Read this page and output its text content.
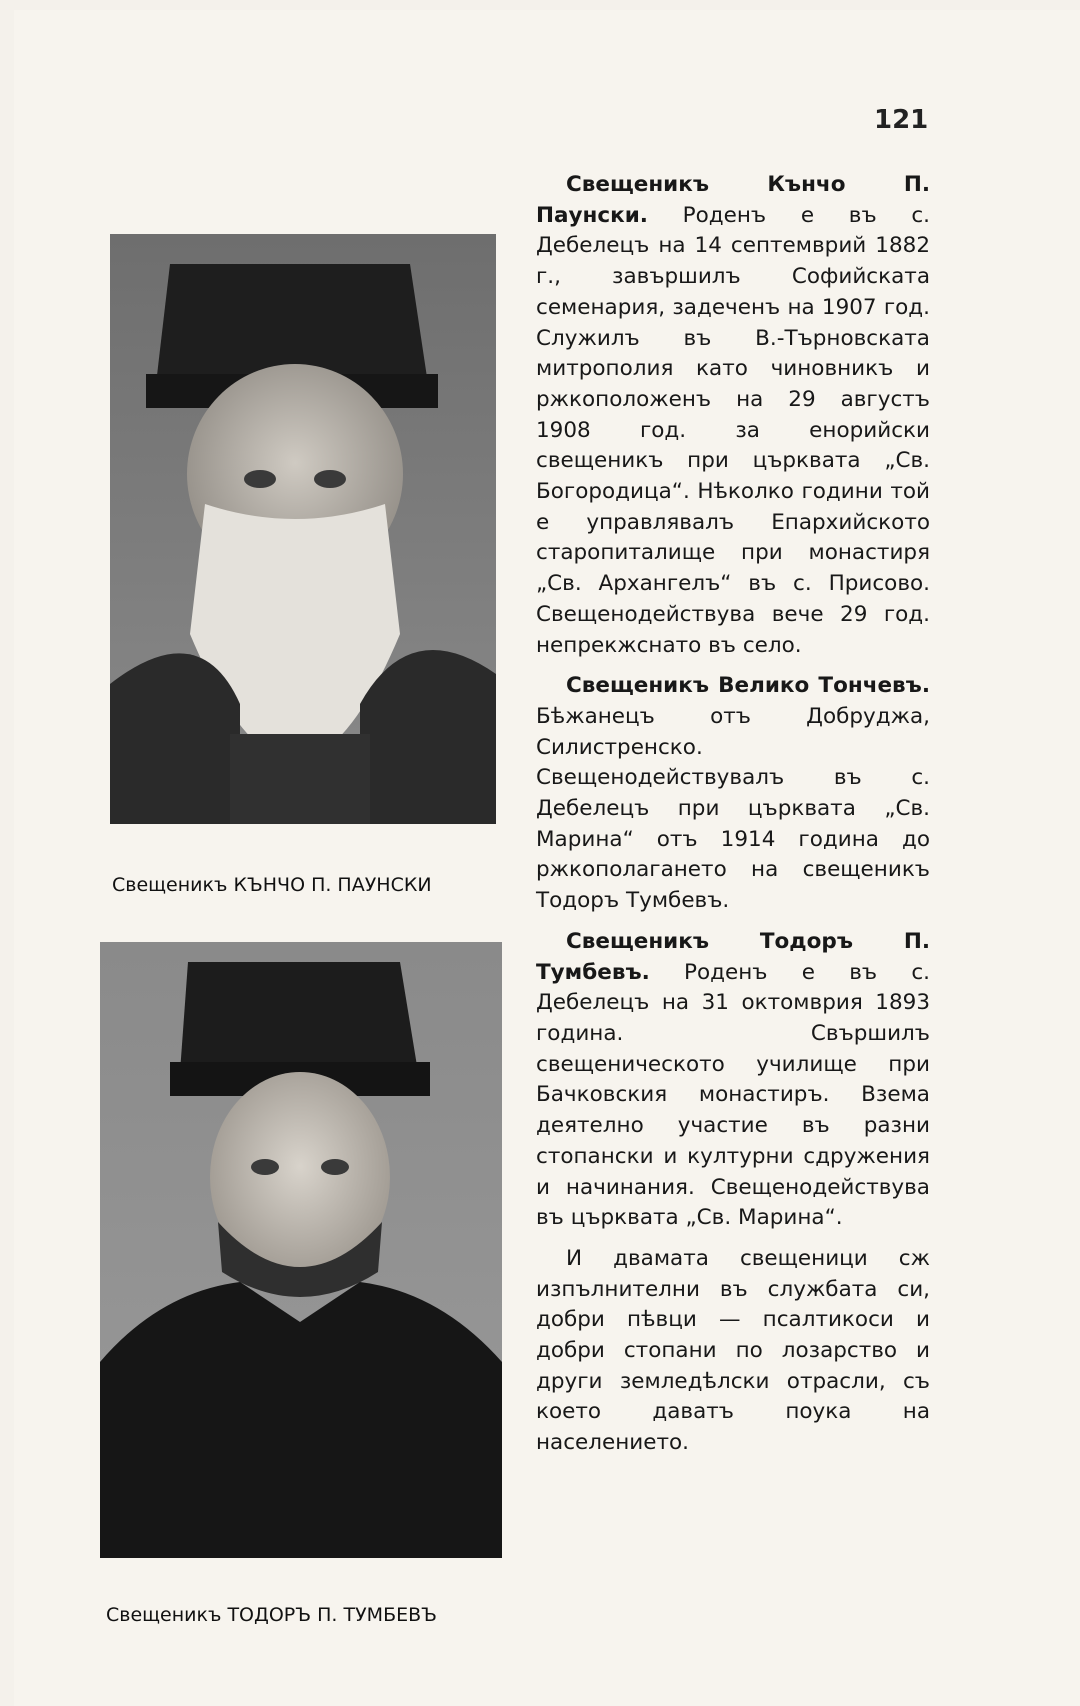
121
Свещеникъ КЪНЧО П. ПАУНСКИ
Свещеникъ ТОДОРЪ П. ТУМБЕВЪ

Свещеникъ Кънчо П. Паунски. Роденъ е въ с. Дебелецъ на 14 септемврий 1882 г., завършилъ Софийската семенария, задеченъ на 1907 год. Служилъ въ В.-Търновската митрополия като чиновникъ и ржкоположенъ на 29 августъ 1908 год. за енорийски свещеникъ при църквата „Св. Богородица“. Нѣколко години той е управлявалъ Епархийското старопиталище при монастиря „Св. Архангелъ“ въ с. Присово. Свещенодействува вече 29 год. непрекжснато въ село.

Свещеникъ Велико Тончевъ. Бѣжанецъ отъ Добруджа, Силистренско. Свещенодействувалъ въ с. Дебелецъ при църквата „Св. Марина“ отъ 1914 година до ржкополагането на свещеникъ Тодоръ Тумбевъ.

Свещеникъ Тодоръ П. Тумбевъ. Роденъ е въ с. Дебелецъ на 31 октомврия 1893 година. Свършилъ свещеническото училище при Бачковския монастиръ. Взема деятелно участие въ разни стопански и културни сдружения и начинания. Свещенодействува въ църквата „Св. Марина“.

И двамата свещеници сж изпълнителни въ службата си, добри пѣвци — псалтикоси и добри стопани по лозарство и други земледѣлски отрасли, съ което даватъ поука на населението.
